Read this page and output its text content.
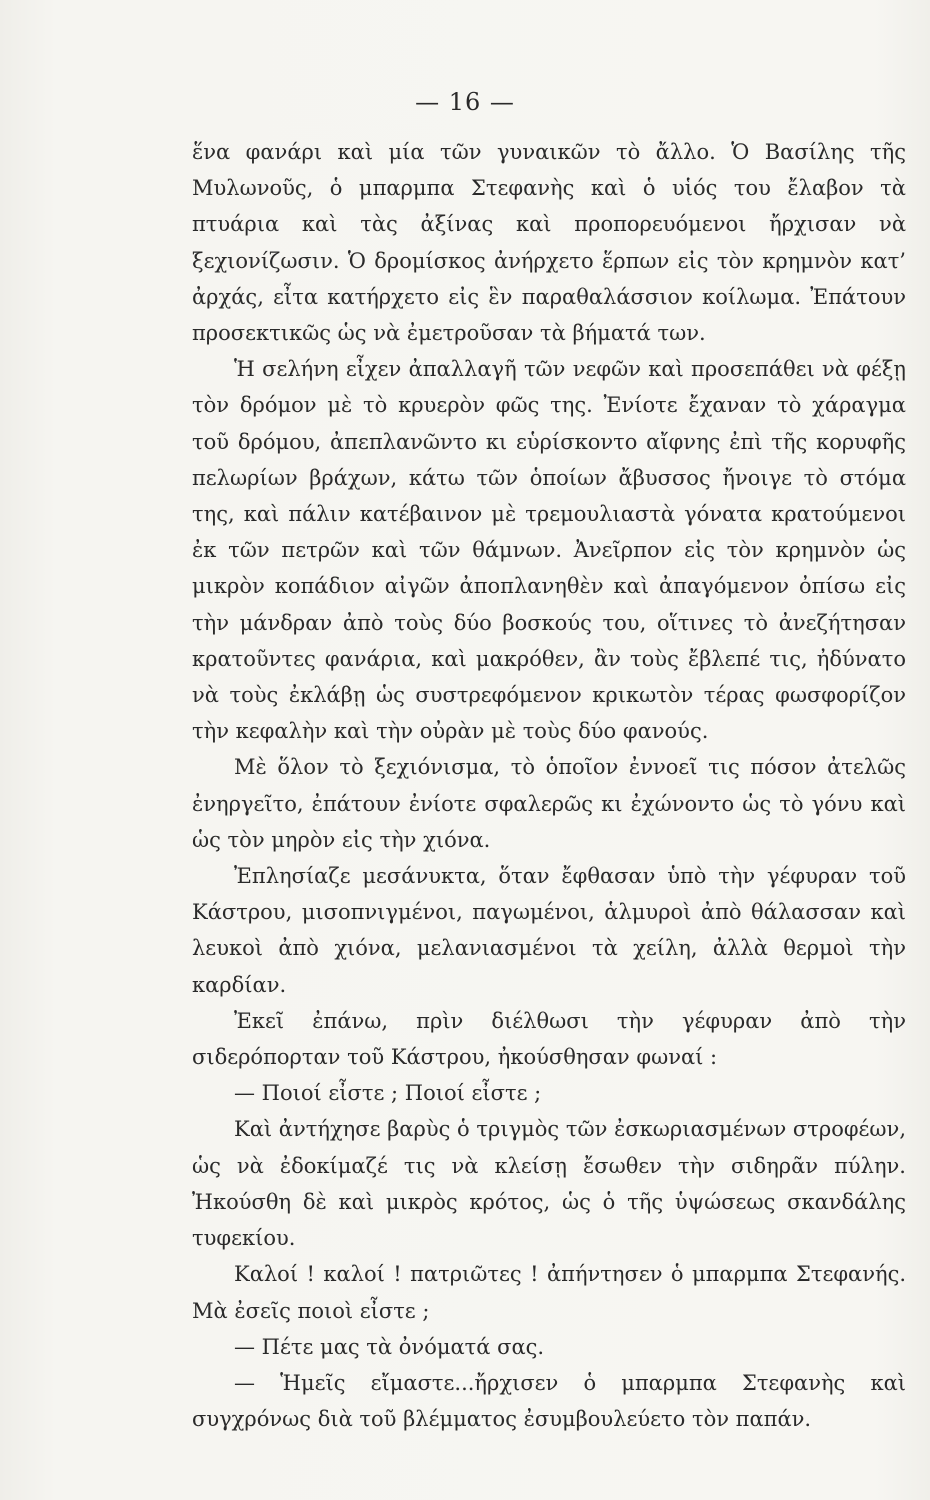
— 16 —

ἕνα φανάρι καὶ μία τῶν γυναικῶν τὸ ἄλλο. Ὁ Βασίλης τῆς Μυλωνοῦς, ὁ μπαρμπα Στεφανὴς καὶ ὁ υἱός του ἔλαβον τὰ πτυάρια καὶ τὰς ἀξίνας καὶ προπορευόμενοι ἤρχισαν νὰ ξεχιονίζωσιν. Ὁ δρομίσκος ἀνήρχετο ἕρπων εἰς τὸν κρημνὸν κατ’ ἀρχάς, εἶτα κατήρχετο εἰς ἓν παραθαλάσσιον κοίλωμα. Ἐπάτουν προσεκτικῶς ὡς νὰ ἐμετροῦσαν τὰ βήματά των.

Ἡ σελήνη εἶχεν ἀπαλλαγῆ τῶν νεφῶν καὶ προσεπάθει νὰ φέξῃ τὸν δρόμον μὲ τὸ κρυερὸν φῶς της. Ἐνίοτε ἔχαναν τὸ χάραγμα τοῦ δρόμου, ἀπεπλανῶντο κι εὑρίσκοντο αἴφνης ἐπὶ τῆς κορυφῆς πελωρίων βράχων, κάτω τῶν ὁποίων ἄβυσσος ἤνοιγε τὸ στόμα της, καὶ πάλιν κατέβαινον μὲ τρεμουλιαστὰ γόνατα κρατούμενοι ἐκ τῶν πετρῶν καὶ τῶν θάμνων. Ἀνεῖρπον εἰς τὸν κρημνὸν ὡς μικρὸν κοπάδιον αἰγῶν ἀποπλανηθὲν καὶ ἀπαγόμενον ὀπίσω εἰς τὴν μάνδραν ἀπὸ τοὺς δύο βοσκούς του, οἵτινες τὸ ἀνεζήτησαν κρατοῦντες φανάρια, καὶ μακρόθεν, ἂν τοὺς ἔβλεπέ τις, ἠδύνατο νὰ τοὺς ἐκλάβῃ ὡς συστρεφόμενον κρικωτὸν τέρας φωσφορίζον τὴν κεφαλὴν καὶ τὴν οὐρὰν μὲ τοὺς δύο φανούς.

Μὲ ὅλον τὸ ξεχιόνισμα, τὸ ὁποῖον ἐννοεῖ τις πόσον ἀτελῶς ἐνηργεῖτο, ἐπάτουν ἐνίοτε σφαλερῶς κι ἐχώνοντο ὡς τὸ γόνυ καὶ ὡς τὸν μηρὸν εἰς τὴν χιόνα.

Ἐπλησίαζε μεσάνυκτα, ὅταν ἔφθασαν ὑπὸ τὴν γέφυραν τοῦ Κάστρου, μισοπνιγμένοι, παγωμένοι, ἁλμυροὶ ἀπὸ θάλασσαν καὶ λευκοὶ ἀπὸ χιόνα, μελανιασμένοι τὰ χείλη, ἀλλὰ θερμοὶ τὴν καρδίαν.

Ἐκεῖ ἐπάνω, πρὶν διέλθωσι τὴν γέφυραν ἀπὸ τὴν σιδερόπορταν τοῦ Κάστρου, ἠκούσθησαν φωναί :

— Ποιοί εἶστε ; Ποιοί εἶστε ;

Καὶ ἀντήχησε βαρὺς ὁ τριγμὸς τῶν ἐσκωριασμένων στροφέων, ὡς νὰ ἐδοκίμαζέ τις νὰ κλείσῃ ἔσωθεν τὴν σιδηρᾶν πύλην. Ἠκούσθη δὲ καὶ μικρὸς κρότος, ὡς ὁ τῆς ὑψώσεως σκανδάλης τυφεκίου.

Καλοί ! καλοί ! πατριῶτες ! ἀπήντησεν ὁ μπαρμπα Στεφανής. Μὰ ἐσεῖς ποιοὶ εἶστε ;

— Πέτε μας τὰ ὀνόματά σας.

— Ἡμεῖς εἴμαστε...ἤρχισεν ὁ μπαρμπα Στεφανὴς καὶ συγχρόνως διὰ τοῦ βλέμματος ἐσυμβουλεύετο τὸν παπάν.
